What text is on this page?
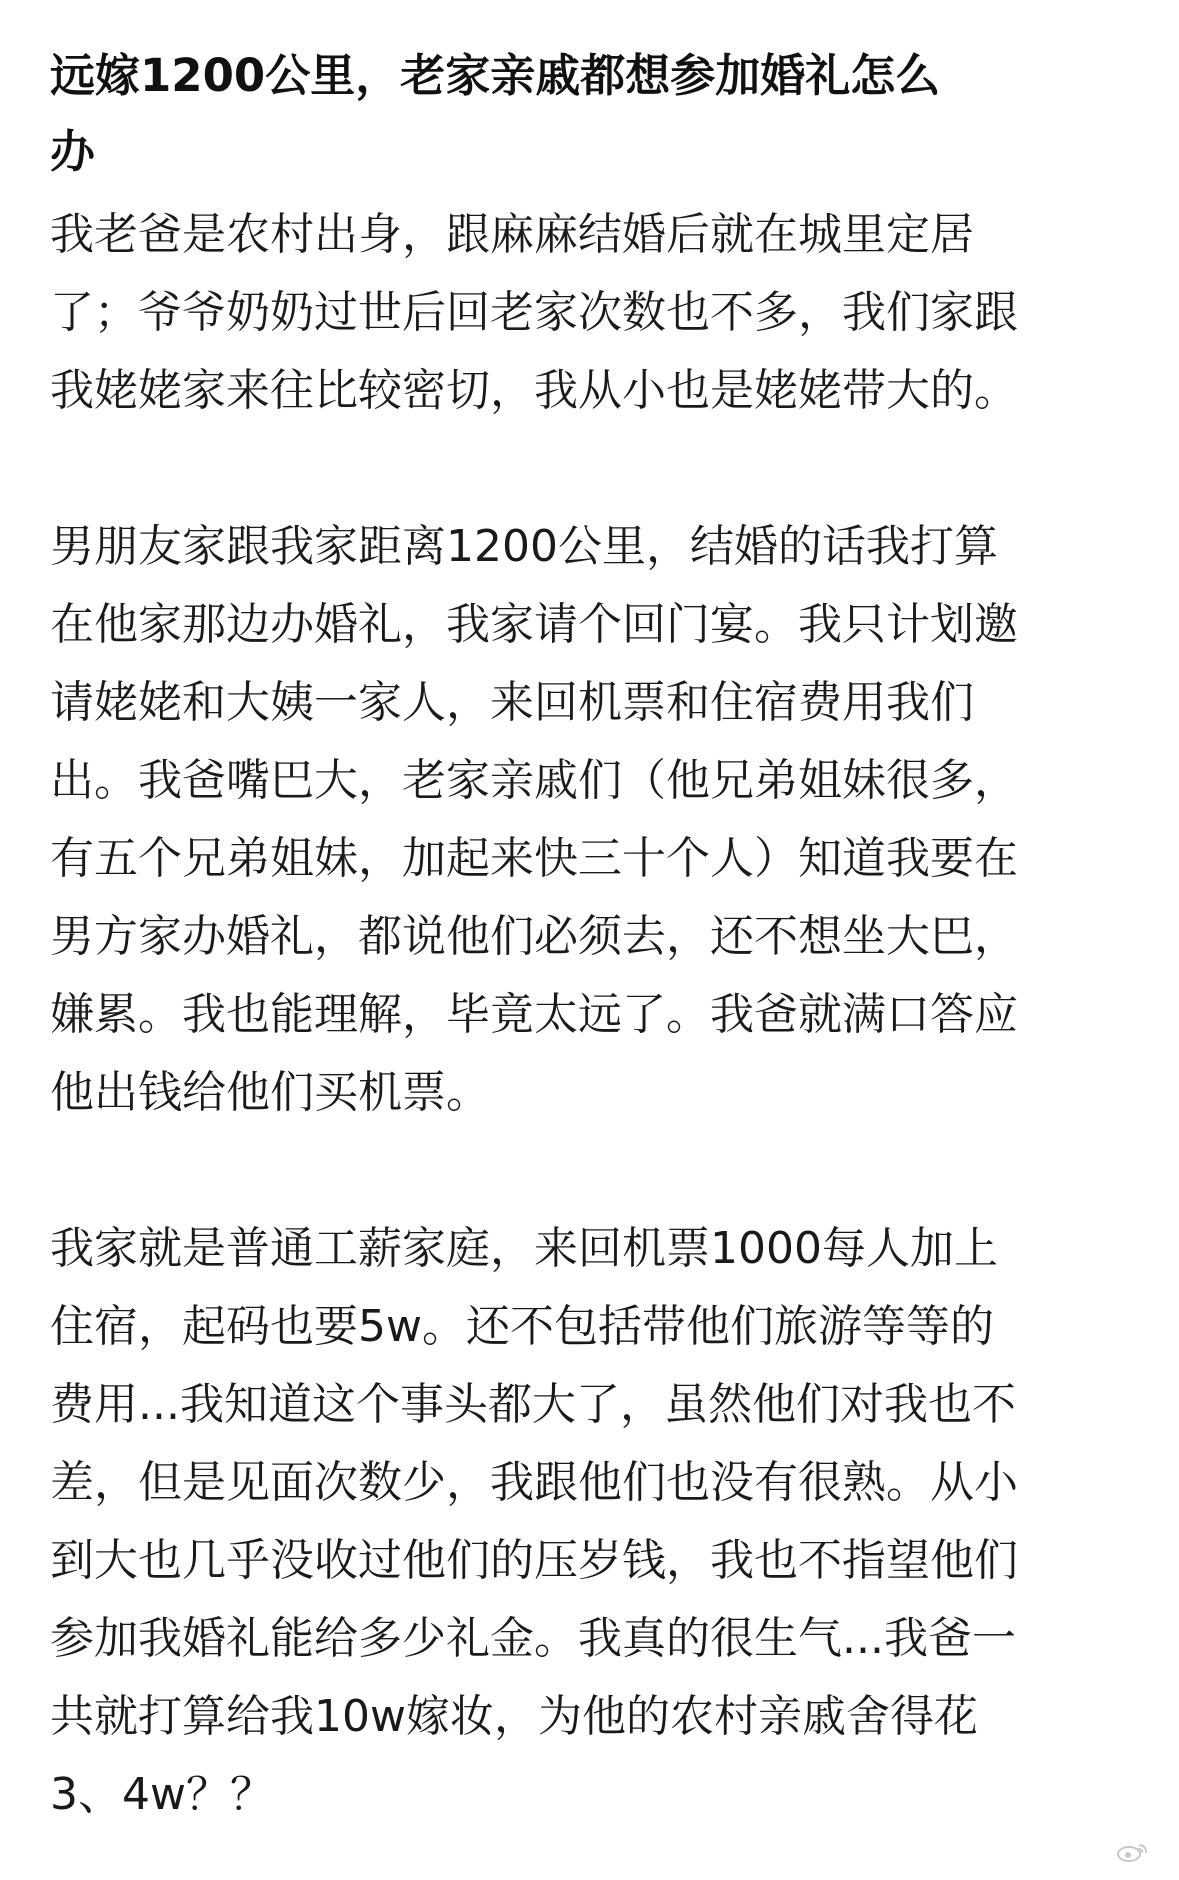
远嫁1200公里，老家亲戚都想参加婚礼怎么
办

我老爸是农村出身，跟麻麻结婚后就在城里定居
了；爷爷奶奶过世后回老家次数也不多，我们家跟
我姥姥家来往比较密切，我从小也是姥姥带大的。

男朋友家跟我家距离1200公里，结婚的话我打算
在他家那边办婚礼，我家请个回门宴。我只计划邀
请姥姥和大姨一家人，来回机票和住宿费用我们
出。我爸嘴巴大，老家亲戚们（他兄弟姐妹很多，
有五个兄弟姐妹，加起来快三十个人）知道我要在
男方家办婚礼，都说他们必须去，还不想坐大巴，
嫌累。我也能理解，毕竟太远了。我爸就满口答应
他出钱给他们买机票。

我家就是普通工薪家庭，来回机票1000每人加上
住宿，起码也要5w。还不包括带他们旅游等等的
费用...我知道这个事头都大了，虽然他们对我也不
差，但是见面次数少，我跟他们也没有很熟。从小
到大也几乎没收过他们的压岁钱，我也不指望他们
参加我婚礼能给多少礼金。我真的很生气...我爸一
共就打算给我10w嫁妆，为他的农村亲戚舍得花
3、4w？？
